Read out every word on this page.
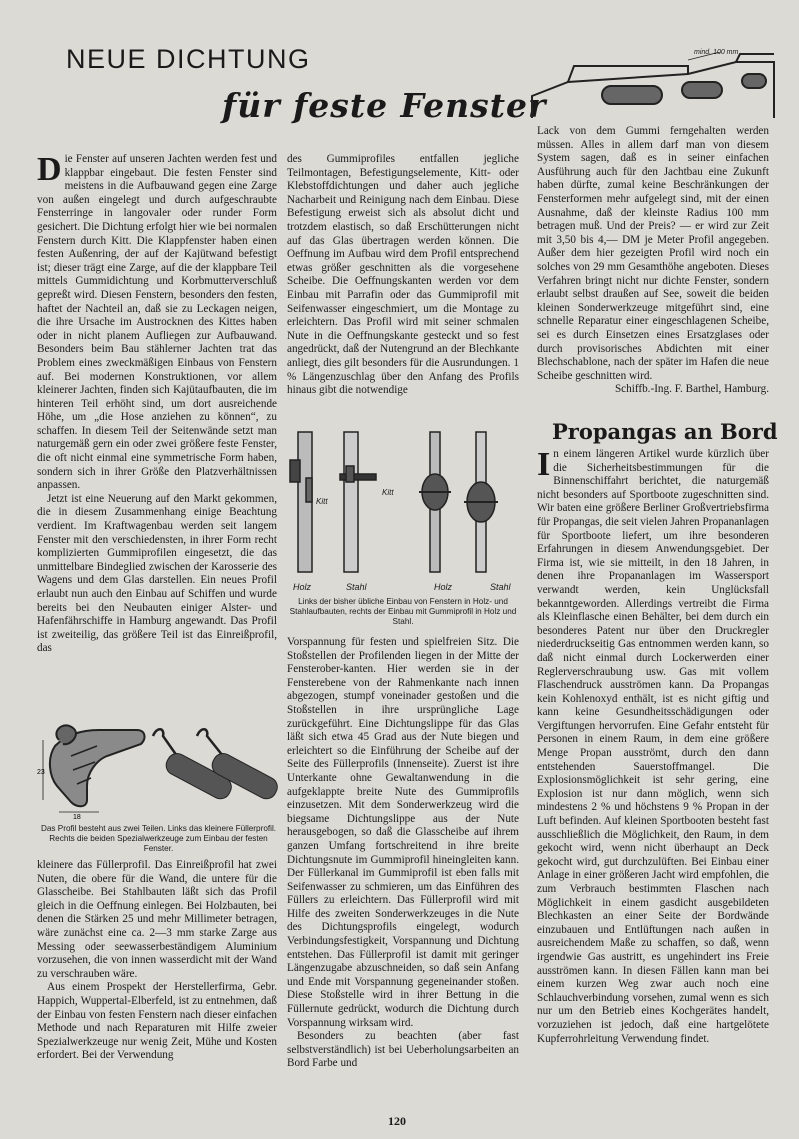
NEUE DICHTUNG
für feste Fenster

Die Fenster auf unseren Jachten werden fest und klappbar eingebaut. Die festen Fenster sind meistens in die Aufbauwand gegen eine Zarge von außen eingelegt und durch aufgeschraubte Fensterringe in langovaler oder runder Form gesichert. Die Dichtung erfolgt hier wie bei normalen Fenstern durch Kitt. Die Klappfenster haben einen festen Außenring, der auf der Kajütwand befestigt ist; dieser trägt eine Zarge, auf die der klappbare Teil mittels Gummidichtung und Korbmutterverschluß gepreßt wird. Diesen Fenstern, besonders den festen, haftet der Nachteil an, daß sie zu Leckagen neigen, die ihre Ursache im Austrocknen des Kittes haben oder in nicht planem Aufliegen zur Aufbauwand. Besonders beim Bau stählerner Jachten trat das Problem eines zweckmäßigen Einbaus von Fenstern auf. Bei modernen Konstruktionen, vor allem kleinerer Jachten, finden sich Kajütaufbauten, die im hinteren Teil erhöht sind, um dort ausreichende Höhe, um „die Hose anziehen zu können“, zu schaffen. In diesem Teil der Seitenwände setzt man naturgemäß gern ein oder zwei größere feste Fenster, die oft nicht einmal eine symmetrische Form haben, sondern sich in ihrer Größe den Platzverhältnissen anpassen.

Jetzt ist eine Neuerung auf den Markt gekommen, die in diesem Zusammenhang einige Beachtung verdient. Im Kraftwagenbau werden seit langem Fenster mit den verschiedensten, in ihrer Form recht komplizierten Gummiprofilen eingesetzt, die das unmittelbare Bindeglied zwischen der Karosserie des Wagens und dem Glas darstellen. Ein neues Profil erlaubt nun auch den Einbau auf Schiffen und wurde bereits bei den Neubauten einiger Alster- und Hafenfährschiffe in Hamburg angewandt. Das Profil ist zweiteilig, das größere Teil ist das Einreißprofil, das

23
18
Das Profil besteht aus zwei Teilen. Links das kleinere Füllerprofil. Rechts die beiden Spezialwerkzeuge zum Einbau der festen Fenster.

kleinere das Füllerprofil. Das Einreißprofil hat zwei Nuten, die obere für die Wand, die untere für die Glasscheibe. Bei Stahlbauten läßt sich das Profil gleich in die Oeffnung einlegen. Bei Holzbauten, bei denen die Stärken 25 und mehr Millimeter betragen, wäre zunächst eine ca. 2—3 mm starke Zarge aus Messing oder seewasserbeständigem Aluminium vorzusehen, die von innen wasserdicht mit der Wand zu verschrauben wäre.

Aus einem Prospekt der Herstellerfirma, Gebr. Happich, Wuppertal-Elberfeld, ist zu entnehmen, daß der Einbau von festen Fenstern nach dieser einfachen Methode und nach Reparaturen mit Hilfe zweier Spezialwerkzeuge nur wenig Zeit, Mühe und Kosten erfordert. Bei der Verwendung

des Gummiprofiles entfallen jegliche Teilmontagen, Befestigungselemente, Kitt- oder Klebstoffdichtungen und daher auch jegliche Nacharbeit und Reinigung nach dem Einbau. Diese Befestigung erweist sich als absolut dicht und trotzdem elastisch, so daß Erschütterungen nicht auf das Glas übertragen werden können. Die Oeffnung im Aufbau wird dem Profil entsprechend etwas größer geschnitten als die vorgesehene Scheibe. Die Oeffnungskanten werden vor dem Einbau mit Parrafin oder das Gummiprofil mit Seifenwasser eingeschmiert, um die Montage zu erleichtern. Das Profil wird mit seiner schmalen Nute in die Oeffnungskante gesteckt und so fest angedrückt, daß der Nutengrund an der Blechkante anliegt, dies gilt besonders für die Ausrundungen. 1 % Längenzuschlag über den Anfang des Profils hinaus gibt die notwendige

Kitt
Kitt
Holz	Stahl	Holz	Stahl
Links der bisher übliche Einbau von Fenstern in Holz- und Stahlaufbauten, rechts der Einbau mit Gummiprofil in Holz und Stahl.

Vorspannung für festen und spielfreien Sitz. Die Stoßstellen der Profilenden liegen in der Mitte der Fensterober-kanten. Hier werden sie in der Fensterebene von der Rahmenkante nach innen abgezogen, stumpf voneinader gestoßen und die Stoßstellen in ihre ursprüngliche Lage zurückgeführt. Eine Dichtungslippe für das Glas läßt sich etwa 45 Grad aus der Nute biegen und erleichtert so die Einführung der Scheibe auf der Seite des Füllerprofils (Innenseite). Zuerst ist ihre Unterkante ohne Gewaltanwendung in die aufgeklappte breite Nute des Gummiprofils einzusetzen. Mit dem Sonderwerkzeug wird die biegsame Dichtungslippe aus der Nute herausgebogen, so daß die Glasscheibe auf ihrem ganzen Umfang fortschreitend in ihre breite Dichtungsnute im Gummiprofil hineingleiten kann. Der Füllerkanal im Gummiprofil ist eben falls mit Seifenwasser zu schmieren, um das Einführen des Füllers zu erleichtern. Das Füllerprofil wird mit Hilfe des zweiten Sonderwerkzeuges in die Nute des Dichtungsprofils eingelegt, wodurch Verbindungsfestigkeit, Vorspannung und Dichtung entstehen. Das Füllerprofil ist damit mit geringer Längenzugabe abzuschneiden, so daß sein Anfang und Ende mit Vorspannung gegeneinander stoßen. Diese Stoßstelle wird in ihrer Bettung in die Füllernute gedrückt, wodurch die Dichtung durch Vorspannung wirksam wird.

Besonders zu beachten (aber fast selbstverständlich) ist bei Ueberholungsarbeiten an Bord Farbe und

mind. 100 mm

Lack von dem Gummi ferngehalten werden müssen. Alles in allem darf man von diesem System sagen, daß es in seiner einfachen Ausführung auch für den Jachtbau eine Zukunft haben dürfte, zumal keine Beschränkungen der Fensterformen mehr aufgelegt sind, mit der einen Ausnahme, daß der kleinste Radius 100 mm betragen muß. Und der Preis? — er wird zur Zeit mit 3,50 bis 4,— DM je Meter Profil angegeben. Außer dem hier gezeigten Profil wird noch ein solches von 29 mm Gesamthöhe angeboten. Dieses Verfahren bringt nicht nur dichte Fenster, sondern erlaubt selbst draußen auf See, soweit die beiden kleinen Sonderwerkzeuge mitgeführt sind, eine schnelle Reparatur einer eingeschlagenen Scheibe, sei es durch Einsetzen eines Ersatzglases oder durch provisorisches Abdichten mit einer Blechschablone, nach der später im Hafen die neue Scheibe geschnitten wird.

Schiffb.-Ing. F. Barthel, Hamburg.

Propangas an Bord

In einem längeren Artikel wurde kürzlich über die Sicherheitsbestimmungen für die Binnenschiffahrt berichtet, die naturgemäß nicht besonders auf Sportboote zugeschnitten sind. Wir baten eine größere Berliner Großvertriebsfirma für Propangas, die seit vielen Jahren Propananlagen für Sportboote liefert, um ihre besonderen Erfahrungen in diesem Anwendungsgebiet. Der Firma ist, wie sie mitteilt, in den 18 Jahren, in denen ihre Propananlagen im Wassersport verwandt werden, kein Unglücksfall bekanntgeworden. Allerdings vertreibt die Firma als Kleinflasche einen Behälter, bei dem durch ein besonderes Patent nur über den Druckregler niederdruckseitig Gas entnommen werden kann, so daß nicht einmal durch Lockerwerden einer Reglerverschraubung usw. Gas mit vollem Flaschendruck ausströmen kann. Da Propangas kein Kohlenoxyd enthält, ist es nicht giftig und kann keine Gesundheitsschädigungen oder Vergiftungen hervorrufen. Eine Gefahr entsteht für Personen in einem Raum, in dem eine größere Menge Propan ausströmt, durch den dann entstehenden Sauerstoffmangel. Die Explosionsmöglichkeit ist sehr gering, eine Explosion ist nur dann möglich, wenn sich mindestens 2 % und höchstens 9 % Propan in der Luft befinden. Auf kleinen Sportbooten besteht fast ausschließlich die Möglichkeit, den Raum, in dem gekocht wird, wenn nicht überhaupt an Deck gekocht wird, gut durchzulüften. Bei Einbau einer Anlage in einer größeren Jacht wird empfohlen, die zum Verbrauch bestimmten Flaschen nach Möglichkeit in einem gasdicht ausgebildeten Blechkasten an einer Seite der Bordwände einzubauen und Entlüftungen nach außen in ausreichendem Maße zu schaffen, so daß, wenn irgendwie Gas austritt, es ungehindert ins Freie ausströmen kann. In diesen Fällen kann man bei einem kurzen Weg zwar auch noch eine Schlauchverbindung vorsehen, zumal wenn es sich nur um den Betrieb eines Kochgerätes handelt, vorzuziehen ist jedoch, daß eine hartgelötete Kupferrohrleitung Verwendung findet.

120
